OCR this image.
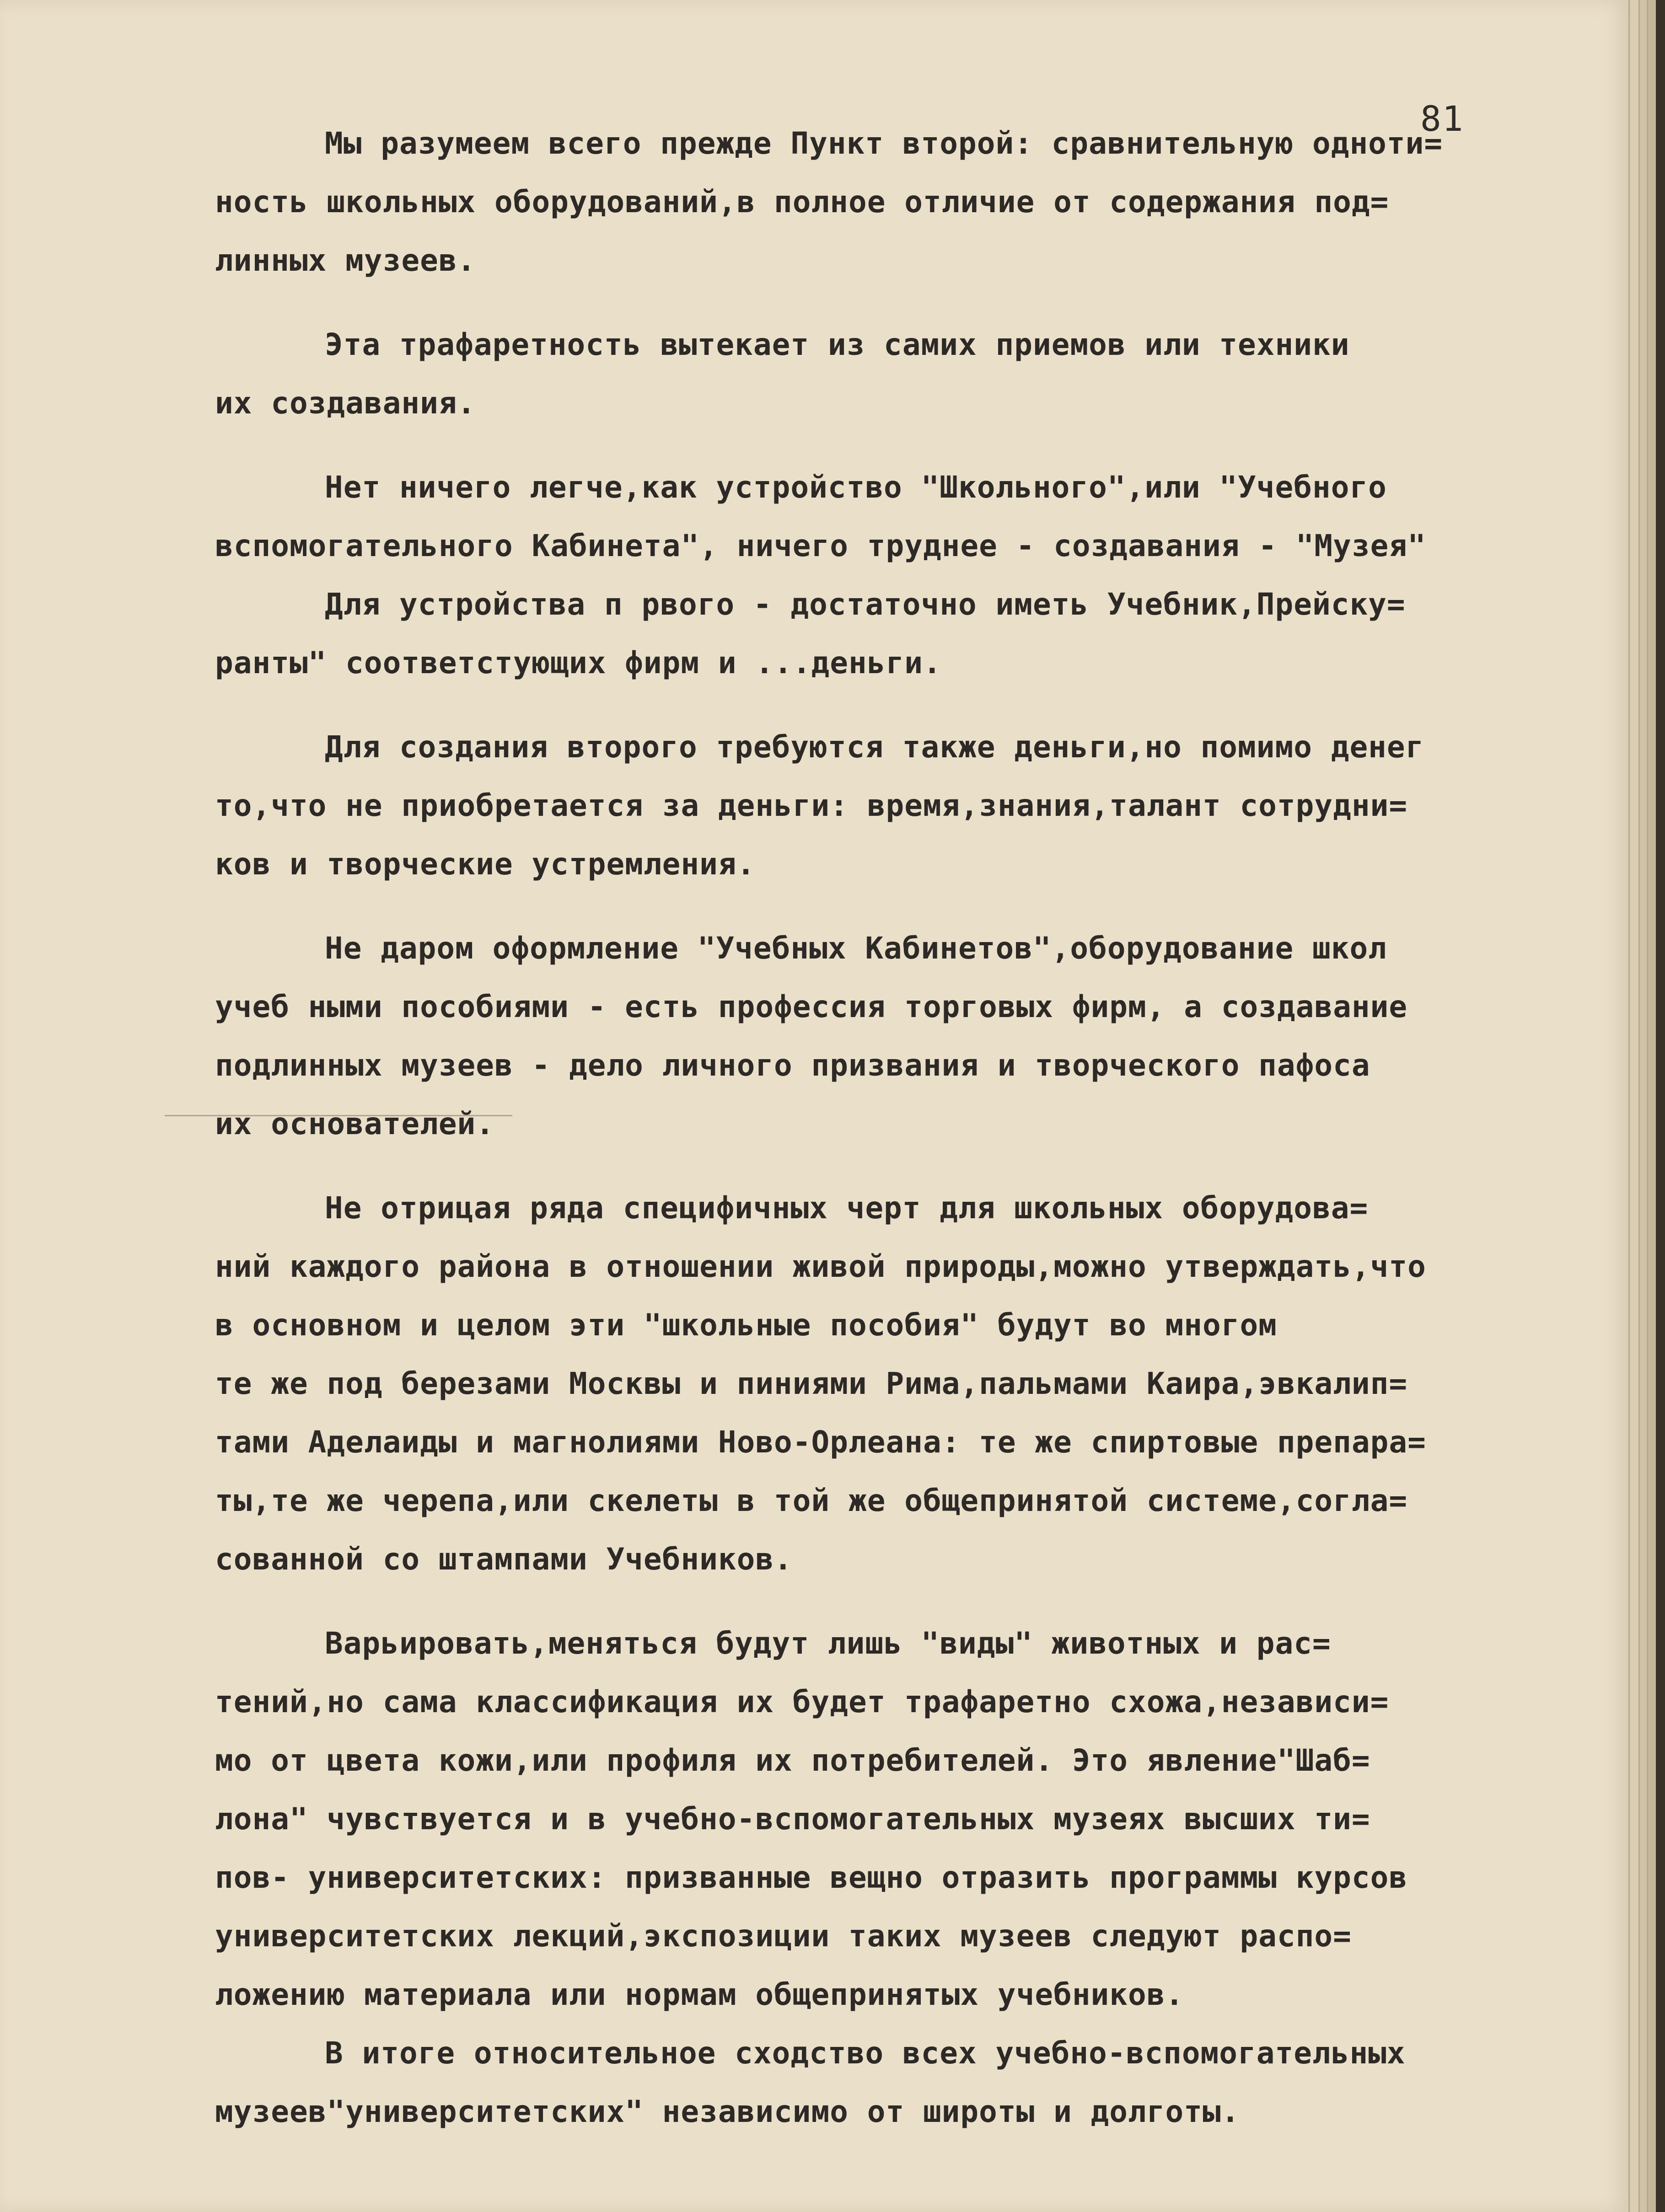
81
Мы разумеем всего прежде Пункт второй: сравнительную одноти=
ность школьных оборудований,в полное отличие от содержания под=
линных музеев.
Эта трафаретность вытекает из самих приемов или техники
их создавания.
Нет ничего легче,как устройство "Школьного",или "Учебного
вспомогательного Кабинета", ничего труднее - создавания - "Музея"
Для устройства п рвого - достаточно иметь Учебник,Прейску=
ранты" соответстующих фирм и ...деньги.
Для создания второго требуются также деньги,но помимо денег
то,что не приобретается за деньги: время,знания,талант сотрудни=
ков и творческие устремления.
Не даром оформление "Учебных Кабинетов",оборудование школ
учеб ными пособиями - есть профессия торговых фирм, а создавание
подлинных музеев - дело личного призвания и творческого пафоса
их основателей.
Не отрицая ряда специфичных черт для школьных оборудова=
ний каждого района в отношении живой природы,можно утверждать,что
в основном и целом эти "школьные пособия" будут во многом
те же под березами Москвы и пиниями Рима,пальмами Каира,эвкалип=
тами Аделаиды и магнолиями Ново-Орлеана: те же спиртовые препара=
ты,те же черепа,или скелеты в той же общепринятой системе,согла=
сованной со штампами Учебников.
Варьировать,меняться будут лишь "виды" животных и рас=
тений,но сама классификация их будет трафаретно схожа,независи=
мо от цвета кожи,или профиля их потребителей. Это явление"Шаб=
лона" чувствуется и в учебно-вспомогательных музеях высших ти=
пов- университетских: призванные вещно отразить программы курсов
университетских лекций,экспозиции таких музеев следуют распо=
ложению материала или нормам общепринятых учебников.
В итоге относительное сходство всех учебно-вспомогательных
музеев"университетских" независимо от широты и долготы.
